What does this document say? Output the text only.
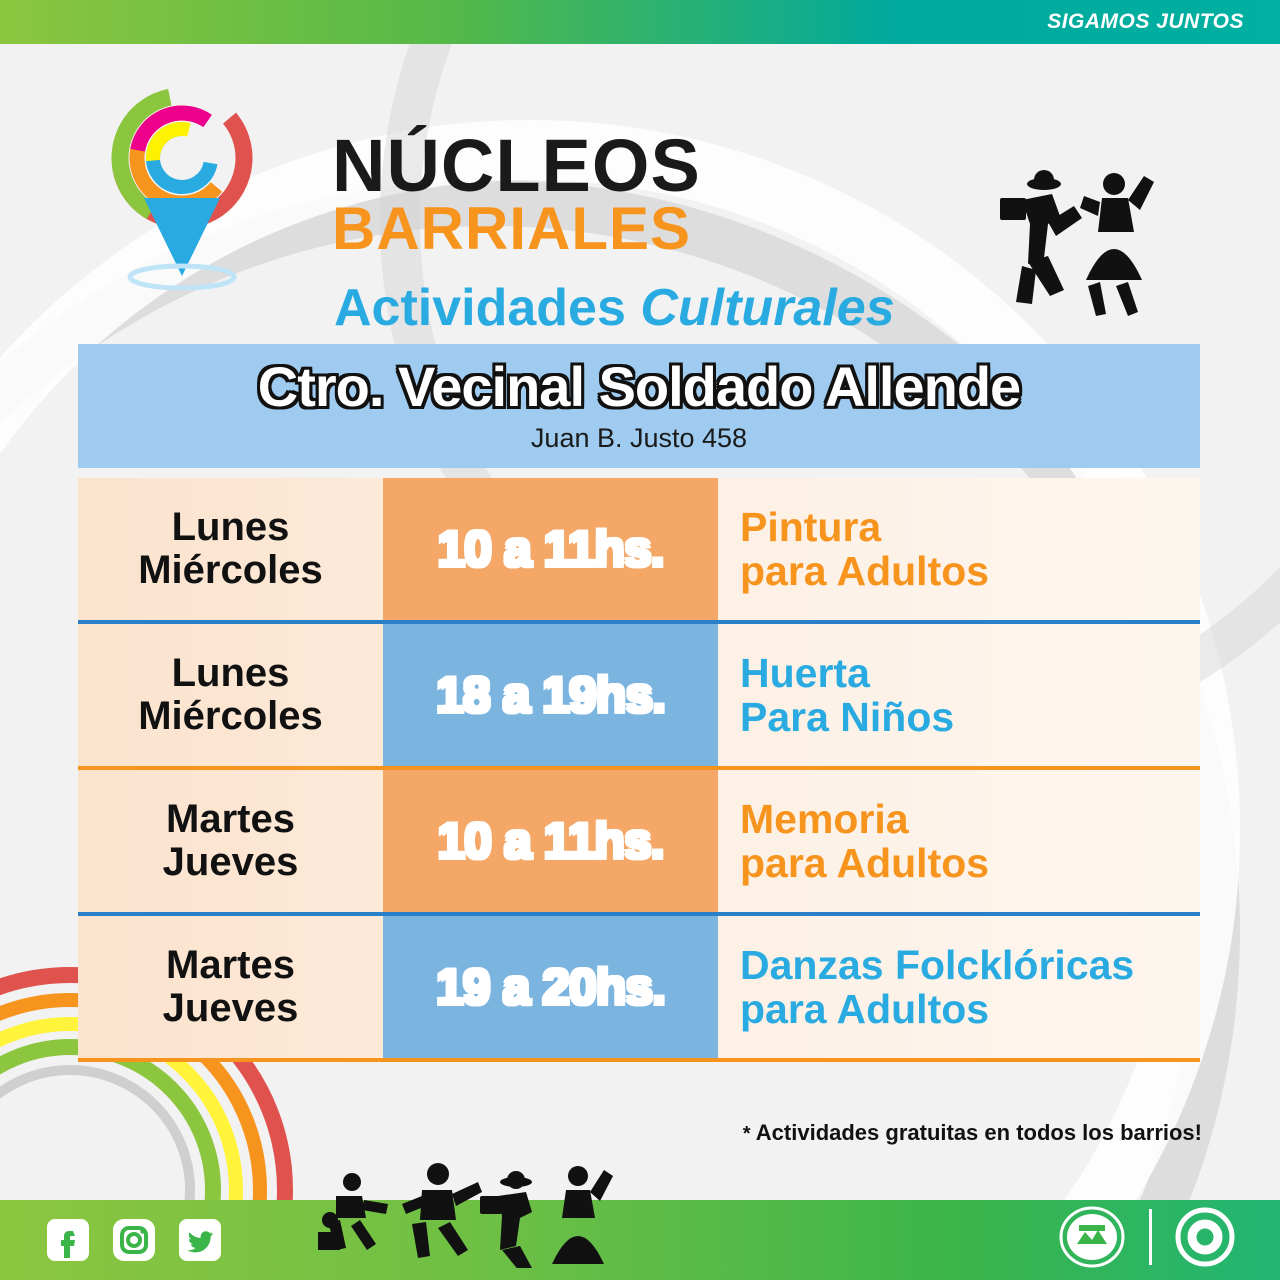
SIGAMOS JUNTOS
NÚCLEOS
BARRIALES
Actividades Culturales
Ctro. Vecinal Soldado Allende
Juan B. Justo 458
Lunes
Miércoles 10 a 11hs. Pintura
para Adultos
Lunes
Miércoles 18 a 19hs. Huerta
Para Niños
Martes
Jueves	10 a 11hs. Memoria
para Adultos
Martes
Jueves	19 a 20hs. Danzas Folcklóricas
para Adultos
* Actividades gratuitas en todos los barrios!
